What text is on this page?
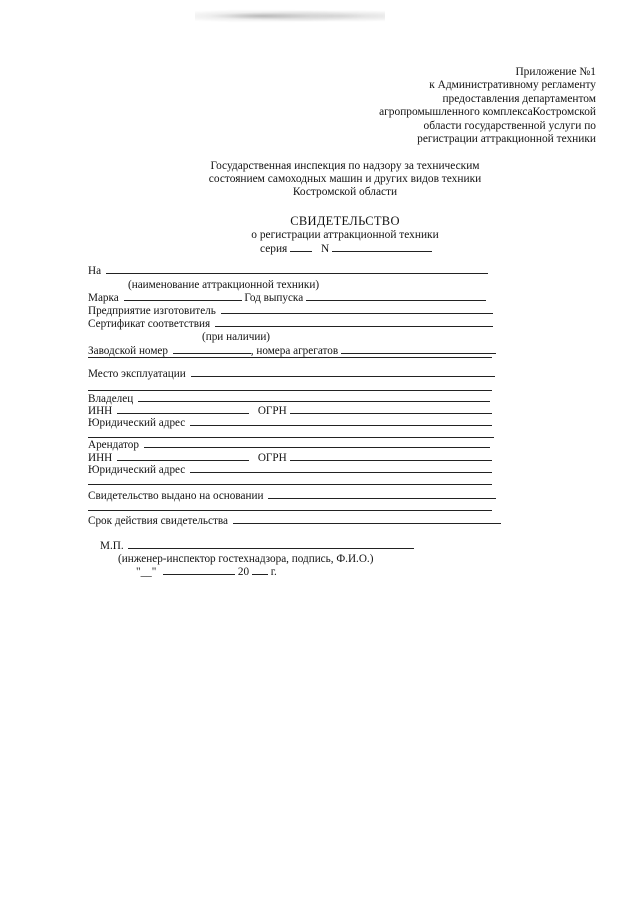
Приложение №1
к Административному регламенту
предоставления департаментом
агропромышленного комплексаКостромской
области государственной услуги по
регистрации аттракционной техники
Государственная инспекция по надзору за техническим
состоянием самоходных машин и других видов техники
Костромской области
СВИДЕТЕЛЬСТВО
о регистрации аттракционной техники
серия	N
На
(наименование аттракционной техники)
Марка	Год выпуска
Предприятие изготовитель
Сертификат соответствия
(при наличии)
Заводской номер	, номера агрегатов
Место эксплуатации
Владелец
ИНН	ОГРН
Юридический адрес
Арендатор
ИНН	ОГРН
Юридический адрес
Свидетельство выдано на основании
Срок действия свидетельства
М.П.
(инженер-инспектор гостехнадзора, подпись, Ф.И.О.)
"__"	20 г.
